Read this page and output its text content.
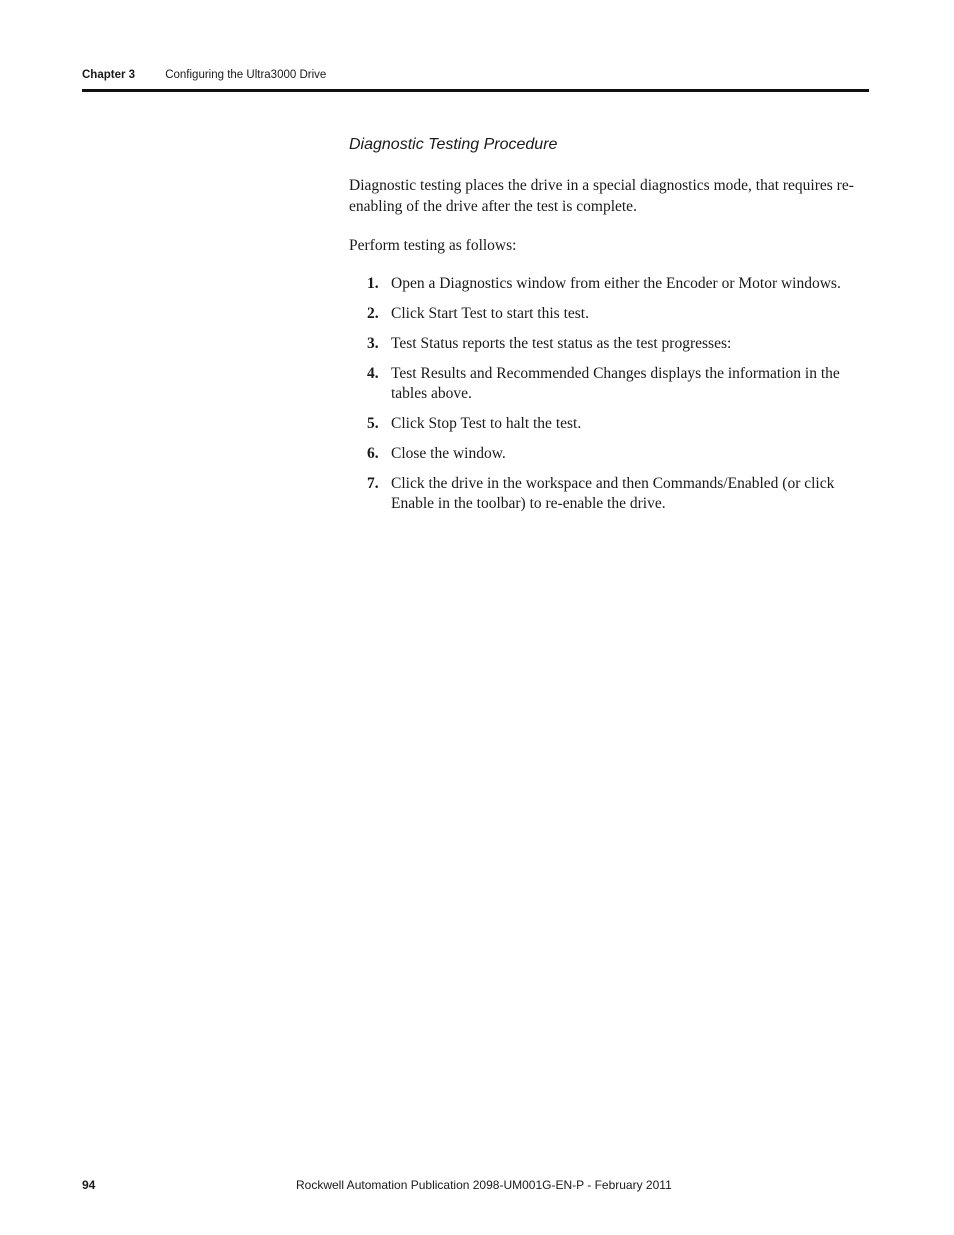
Chapter 3	Configuring the Ultra3000 Drive
Diagnostic Testing Procedure

Diagnostic testing places the drive in a special diagnostics mode, that requires re-enabling of the drive after the test is complete.

Perform testing as follows:

1. Open a Diagnostics window from either the Encoder or Motor windows.
2. Click Start Test to start this test.
3. Test Status reports the test status as the test progresses:
4. Test Results and Recommended Changes displays the information in the tables above.
5. Click Stop Test to halt the test.
6. Close the window.
7. Click the drive in the workspace and then Commands/Enabled (or click Enable in the toolbar) to re-enable the drive.
94	Rockwell Automation Publication 2098-UM001G-EN-P - February 2011
